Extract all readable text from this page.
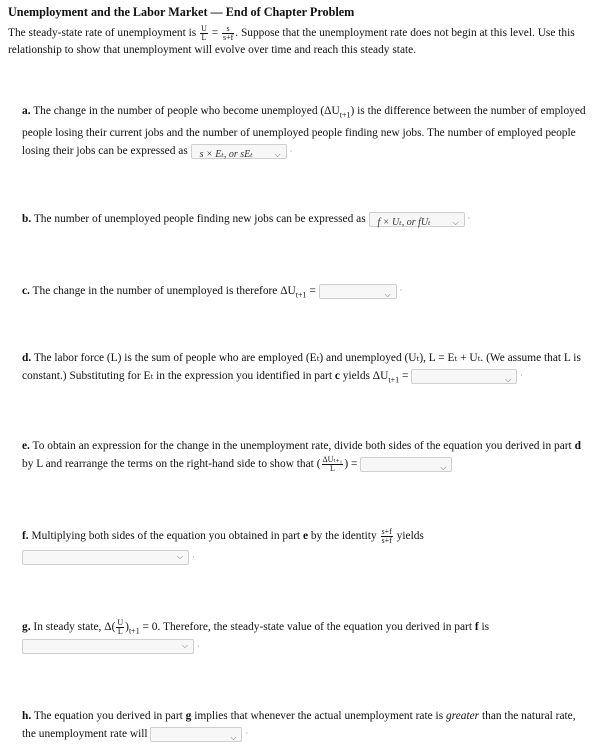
Unemployment and the Labor Market — End of Chapter Problem
The steady-state rate of unemployment is $\frac{U}{L} = \frac{s}{s+f}$ . Suppose that the unemployment rate does not begin at this level. Use this
relationship to show that unemployment will evolve over time and reach this steady state.
a. The change in the number of people who become unemployed $(\Delta U_{t+1})$ is the difference between the number of employed people losing their current jobs and the number of unemployed people finding new jobs. The number of employed people losing their jobs can be expressed as s × Eₜ, or sEₜ	⌵ ·
b. The number of unemployed people finding new jobs can be expressed as f × Uₜ, or fUₜ	⌵ ·
c. The change in the number of unemployed is therefore $\Delta U_{t+1}$ =	⌵ ·
d. The labor force (L) is the sum of people who are employed (Eₜ) and unemployed (Uₜ), L = Eₜ + Uₜ. (We assume that L is constant.) Substituting for Eₜ in the expression you identified in part c yields $\Delta U_{t+1}$ =	⌵ ·
e. To obtain an expression for the change in the unemployment rate, divide both sides of the equation you derived in part d by L and rearrange the terms on the right-hand side to show that ( $\frac{\text{ΔUₜ₊₁}}{L}$ ) =	⌵
f. Multiplying both sides of the equation you obtained in part e by the identity $\frac{s+f}{s+f}$ yields
⌵ ·
g. In steady state, $\Delta( \frac{U}{L} )_{t+1} = 0$. Therefore, the steady-state value of the equation you derived in part f is
⌵ ·
h. The equation you derived in part g implies that whenever the actual unemployment rate is greater than the natural rate, the unemployment rate will	⌵ ·
